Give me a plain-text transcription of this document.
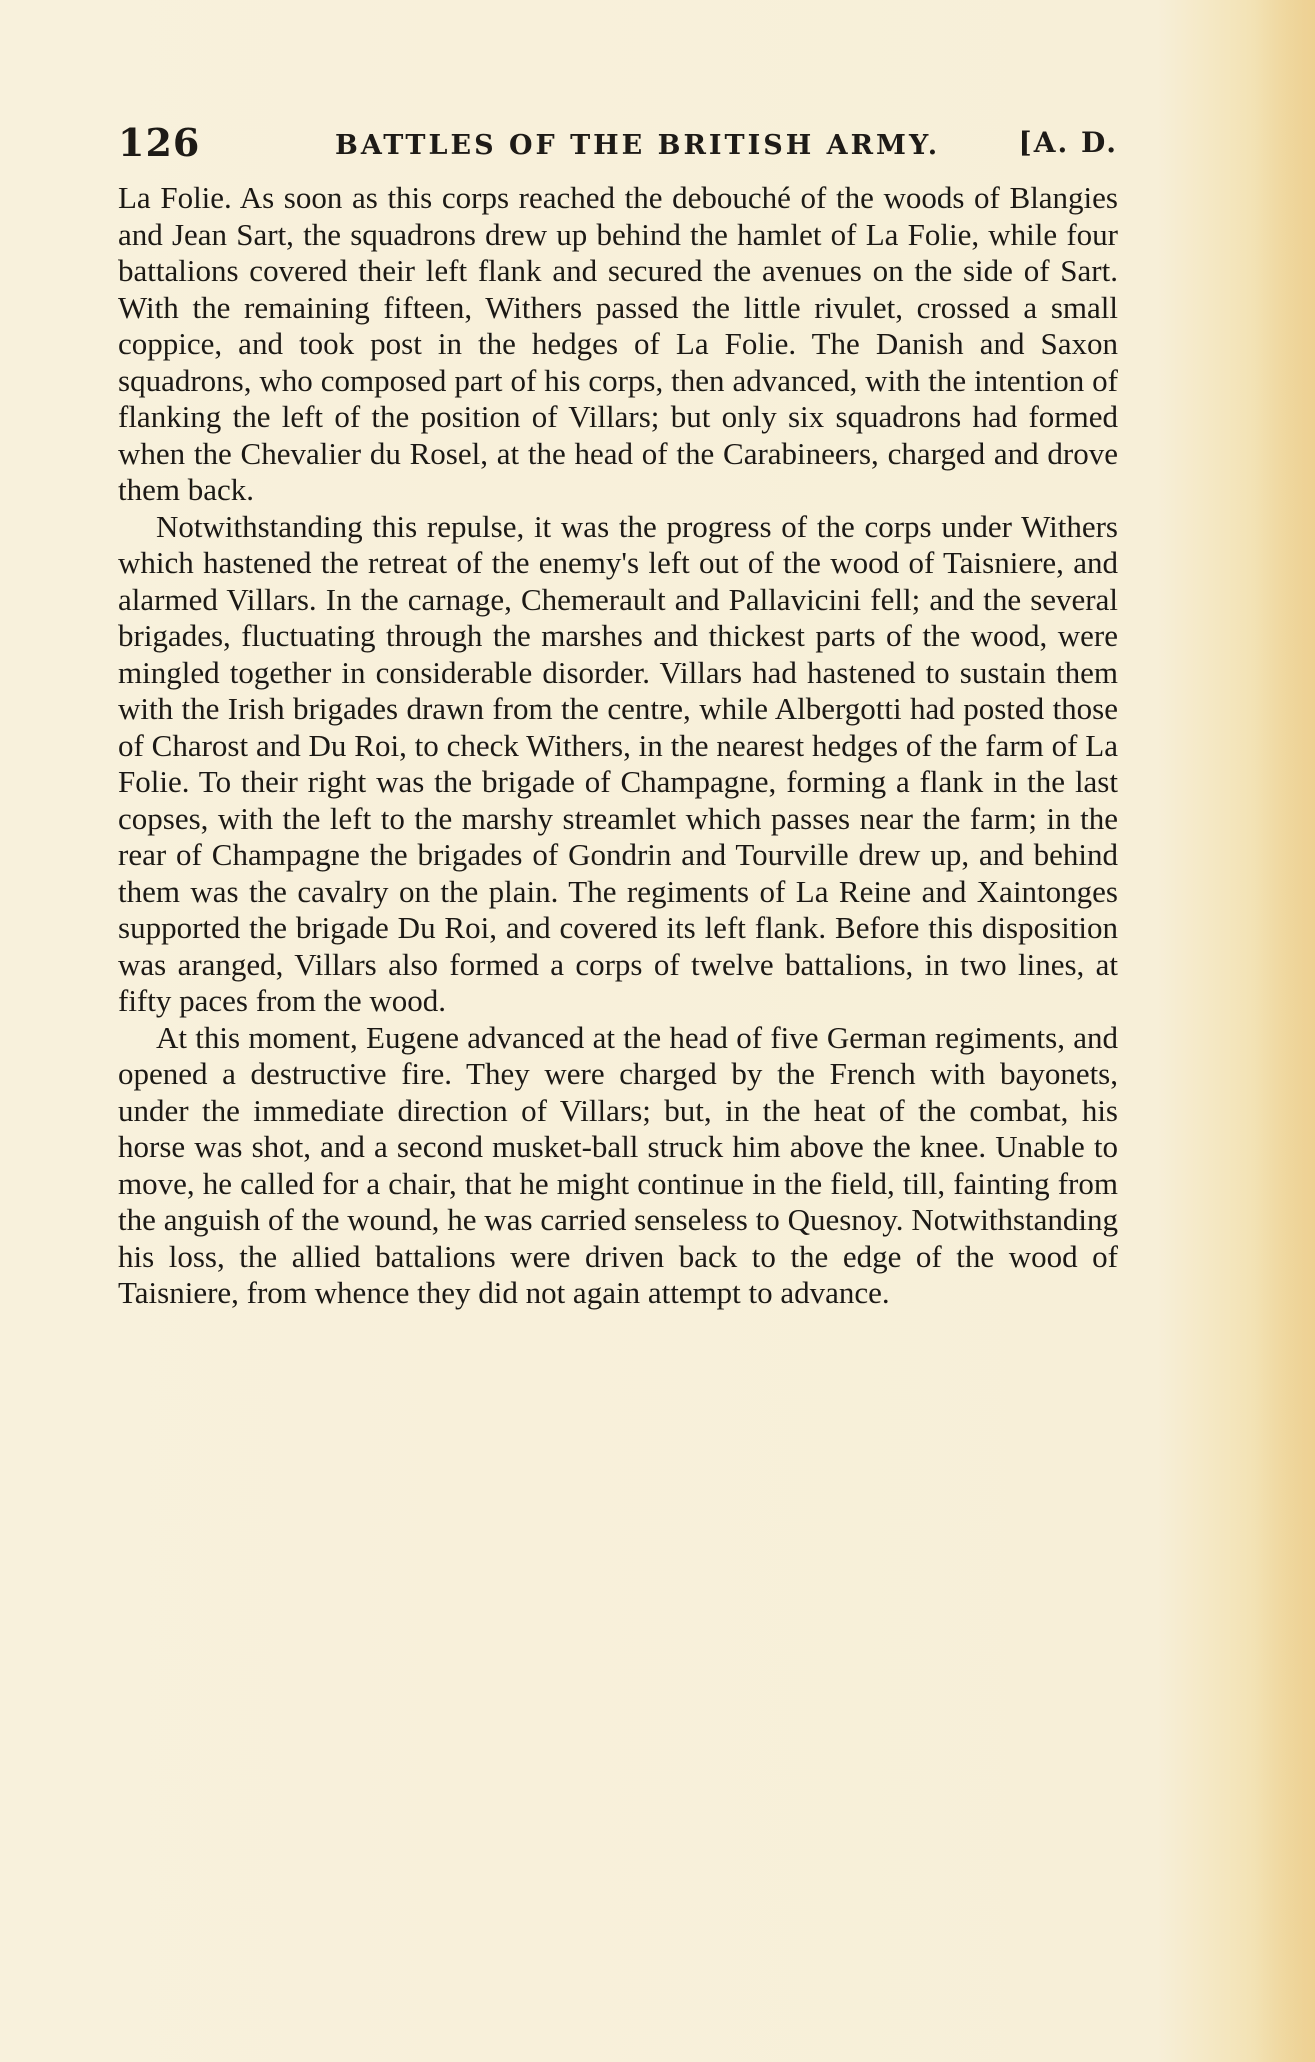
126	BATTLES OF THE BRITISH ARMY.	[A. D.

La Folie. As soon as this corps reached the debouché of the woods of Blangies and Jean Sart, the squadrons drew up behind the hamlet of La Folie, while four battalions covered their left flank and secured the avenues on the side of Sart. With the remaining fifteen, Withers passed the little rivulet, crossed a small coppice, and took post in the hedges of La Folie. The Danish and Saxon squadrons, who composed part of his corps, then advanced, with the intention of flanking the left of the position of Villars; but only six squadrons had formed when the Chevalier du Rosel, at the head of the Carabineers, charged and drove them back.

Notwithstanding this repulse, it was the progress of the corps under Withers which hastened the retreat of the enemy's left out of the wood of Taisniere, and alarmed Villars. In the carnage, Chemerault and Pallavicini fell; and the several brigades, fluctuating through the marshes and thickest parts of the wood, were mingled together in considerable disorder. Villars had hastened to sustain them with the Irish brigades drawn from the centre, while Albergotti had posted those of Charost and Du Roi, to check Withers, in the nearest hedges of the farm of La Folie. To their right was the brigade of Champagne, forming a flank in the last copses, with the left to the marshy streamlet which passes near the farm; in the rear of Champagne the brigades of Gondrin and Tourville drew up, and behind them was the cavalry on the plain. The regiments of La Reine and Xaintonges supported the brigade Du Roi, and covered its left flank. Before this disposition was aranged, Villars also formed a corps of twelve battalions, in two lines, at fifty paces from the wood.

At this moment, Eugene advanced at the head of five German regiments, and opened a destructive fire. They were charged by the French with bayonets, under the immediate direction of Villars; but, in the heat of the combat, his horse was shot, and a second musket-ball struck him above the knee. Unable to move, he called for a chair, that he might continue in the field, till, fainting from the anguish of the wound, he was carried senseless to Quesnoy. Notwithstanding his loss, the allied battalions were driven back to the edge of the wood of Taisniere, from whence they did not again attempt to advance.
